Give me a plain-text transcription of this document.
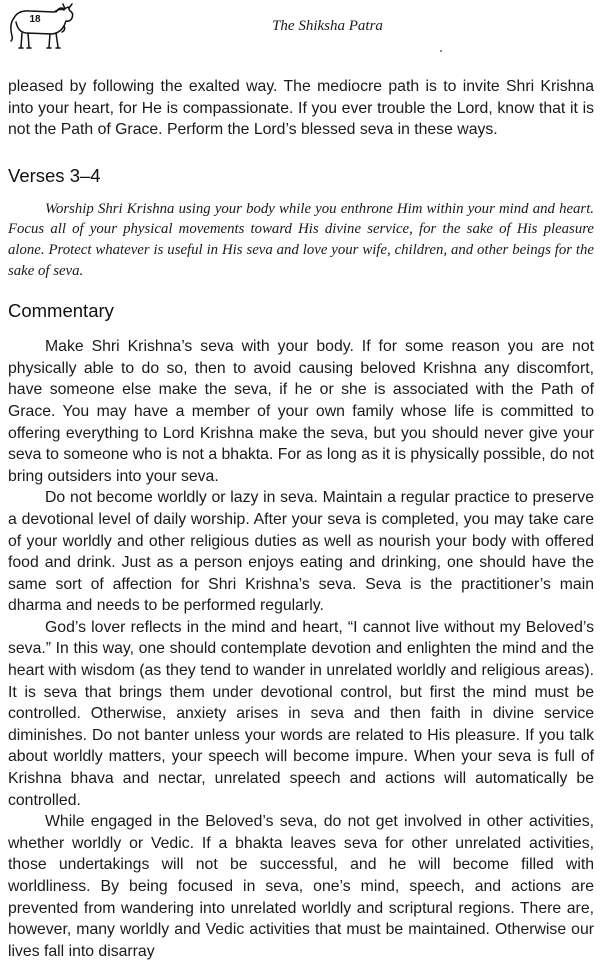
18	The Shiksha Patra

pleased by following the exalted way. The mediocre path is to invite Shri Krishna into your heart, for He is compassionate. If you ever trouble the Lord, know that it is not the Path of Grace. Perform the Lord’s blessed seva in these ways.

Verses 3–4

Worship Shri Krishna using your body while you enthrone Him within your mind and heart. Focus all of your physical movements toward His divine service, for the sake of His pleasure alone. Protect whatever is useful in His seva and love your wife, children, and other beings for the sake of seva.

Commentary

Make Shri Krishna’s seva with your body. If for some reason you are not physically able to do so, then to avoid causing beloved Krishna any discomfort, have someone else make the seva, if he or she is associated with the Path of Grace. You may have a member of your own family whose life is committed to offering everything to Lord Krishna make the seva, but you should never give your seva to someone who is not a bhakta. For as long as it is physically possible, do not bring outsiders into your seva.

Do not become worldly or lazy in seva. Maintain a regular practice to preserve a devotional level of daily worship. After your seva is completed, you may take care of your worldly and other religious duties as well as nourish your body with offered food and drink. Just as a person enjoys eating and drinking, one should have the same sort of affection for Shri Krishna’s seva. Seva is the practitioner’s main dharma and needs to be performed regularly.

God’s lover reflects in the mind and heart, “I cannot live without my Beloved’s seva.” In this way, one should contemplate devotion and enlighten the mind and the heart with wisdom (as they tend to wander in unrelated worldly and religious areas). It is seva that brings them under devotional control, but first the mind must be controlled. Otherwise, anxiety arises in seva and then faith in divine service diminishes. Do not banter unless your words are related to His pleasure. If you talk about worldly matters, your speech will become impure. When your seva is full of Krishna bhava and nectar, unrelated speech and actions will automatically be controlled.

While engaged in the Beloved’s seva, do not get involved in other activities, whether worldly or Vedic. If a bhakta leaves seva for other unrelated activities, those undertakings will not be successful, and he will become filled with worldliness. By being focused in seva, one’s mind, speech, and actions are prevented from wandering into unrelated worldly and scriptural regions. There are, however, many worldly and Vedic activities that must be maintained. Otherwise our lives fall into disarray
